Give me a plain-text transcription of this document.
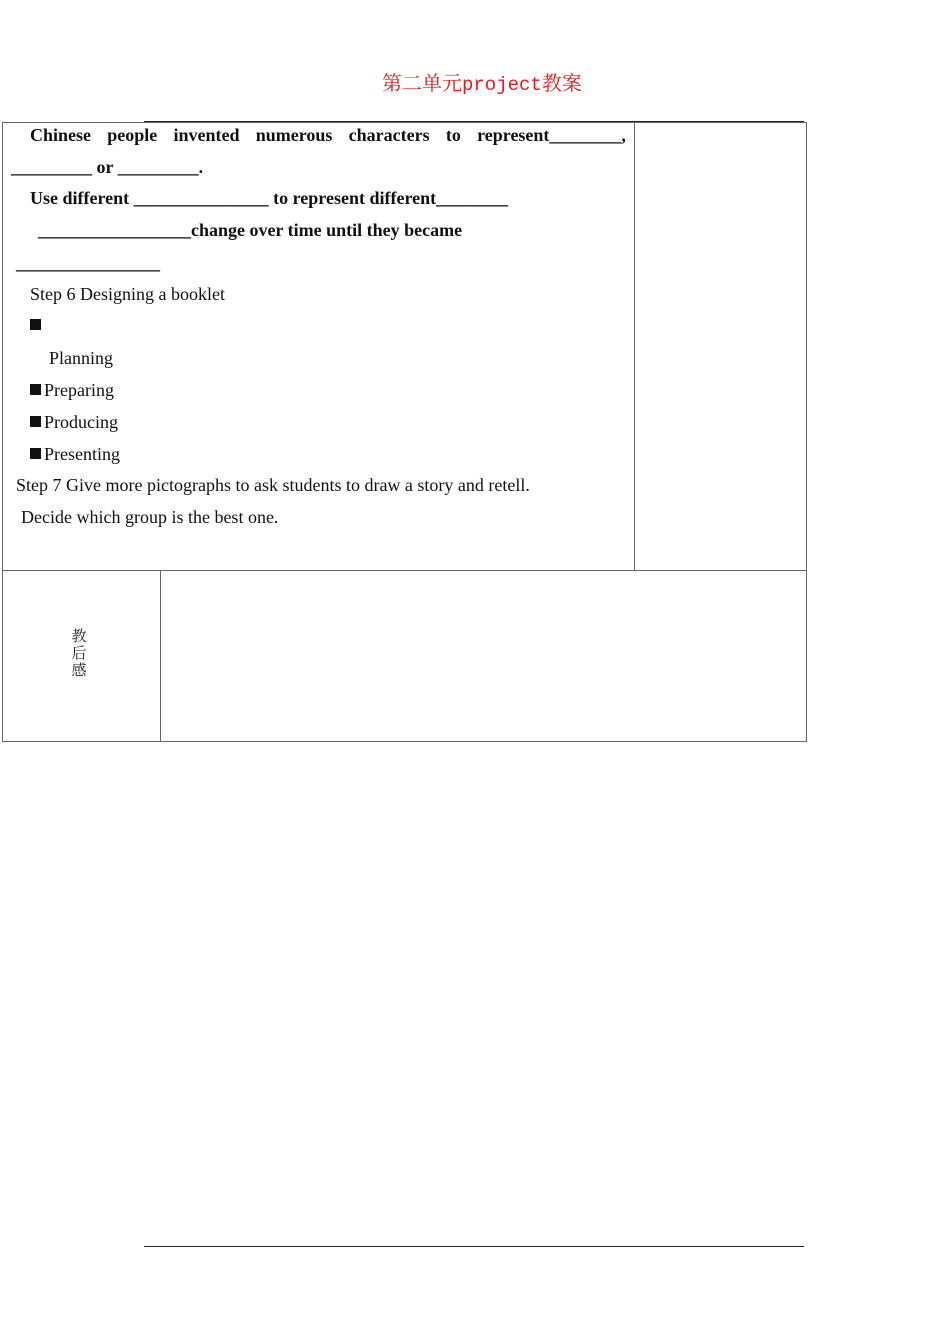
第二单元project教案
Chinese people invented numerous characters to represent________,
_________ or _________.
Use different _______________ to represent different________
_________________change over time until they became
________________
Step 6 Designing a booklet
Planning
Preparing
Producing
Presenting
Step 7 Give more pictographs to ask students to draw a story and retell.
Decide which group is the best one.
教
后
感
